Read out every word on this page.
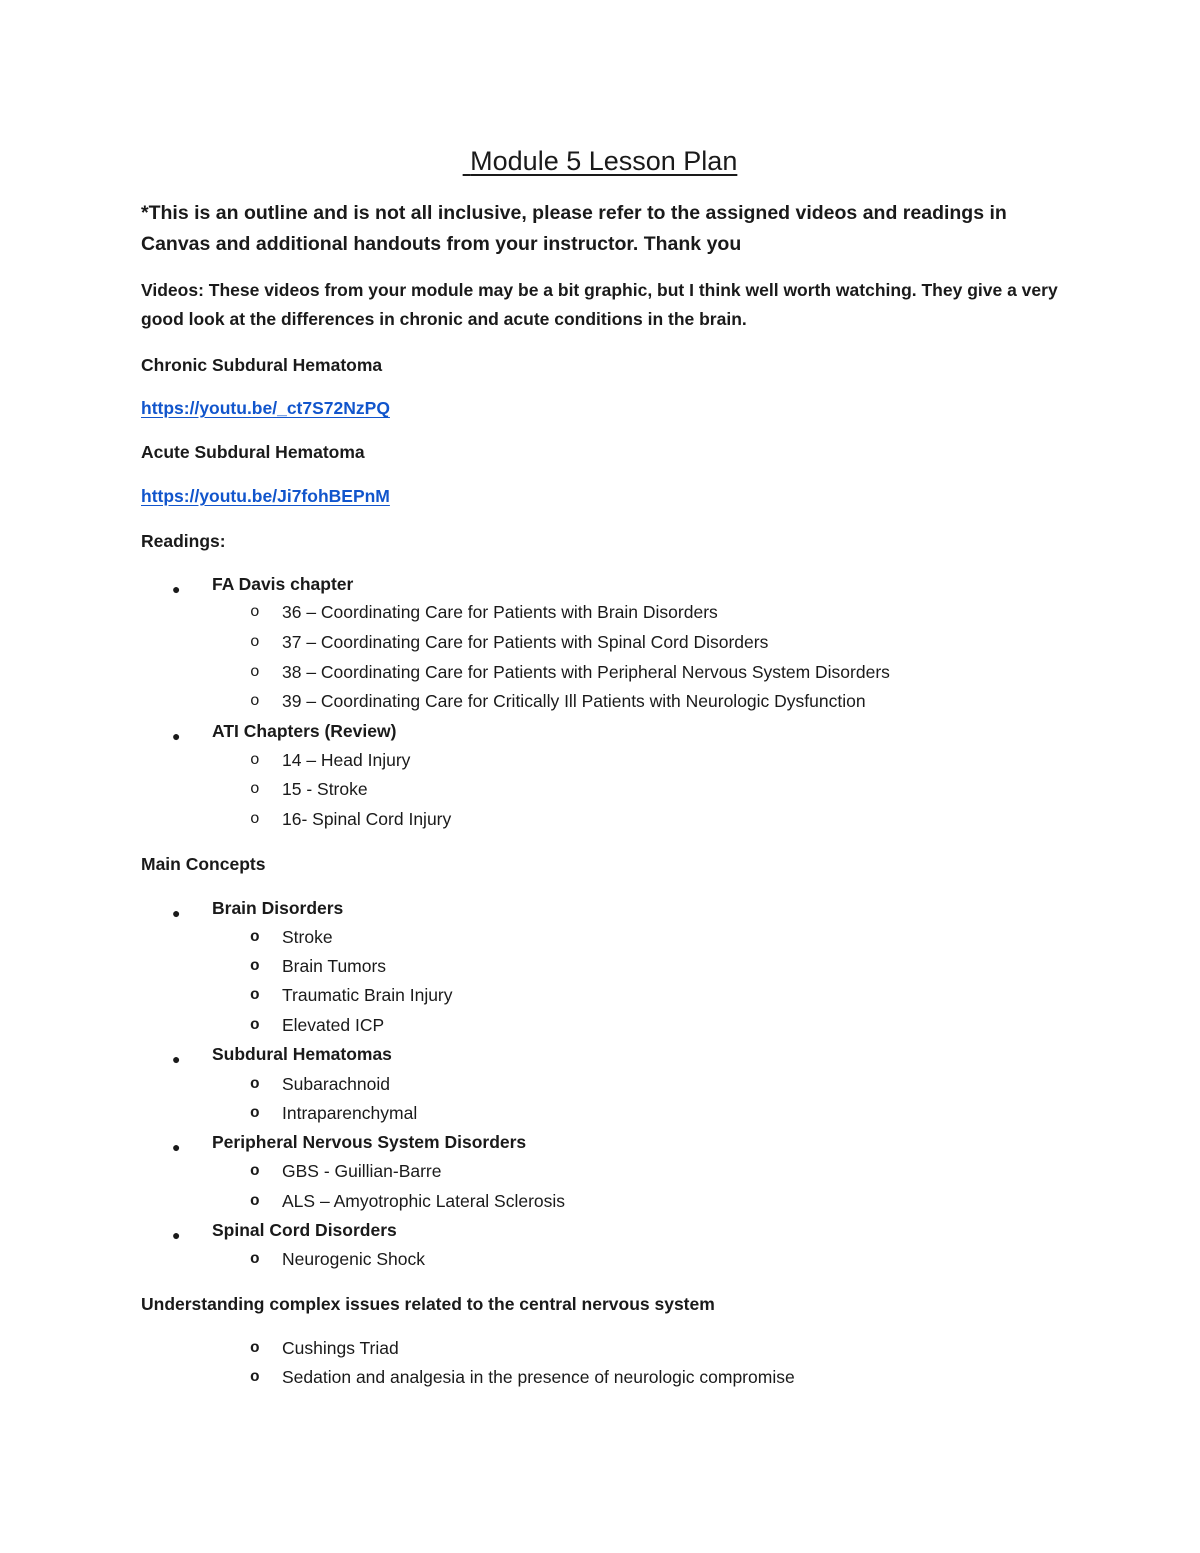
Module 5 Lesson Plan
*This is an outline and is not all inclusive, please refer to the assigned videos and readings in Canvas and additional handouts from your instructor. Thank you
Videos: These videos from your module may be a bit graphic, but I think well worth watching. They give a very good look at the differences in chronic and acute conditions in the brain.
Chronic Subdural Hematoma
https://youtu.be/_ct7S72NzPQ
Acute Subdural Hematoma
https://youtu.be/Ji7fohBEPnM
Readings:
● FA Davis chapter
o 36 – Coordinating Care for Patients with Brain Disorders
o 37 – Coordinating Care for Patients with Spinal Cord Disorders
o 38 – Coordinating Care for Patients with Peripheral Nervous System Disorders
o 39 – Coordinating Care for Critically Ill Patients with Neurologic Dysfunction
● ATI Chapters (Review)
o 14 – Head Injury
o 15 - Stroke
o 16- Spinal Cord Injury
Main Concepts
● Brain Disorders
o Stroke
o Brain Tumors
o Traumatic Brain Injury
o Elevated ICP
● Subdural Hematomas
o Subarachnoid
o Intraparenchymal
● Peripheral Nervous System Disorders
o GBS - Guillian-Barre
o ALS – Amyotrophic Lateral Sclerosis
● Spinal Cord Disorders
o Neurogenic Shock
Understanding complex issues related to the central nervous system
o Cushings Triad
o Sedation and analgesia in the presence of neurologic compromise
